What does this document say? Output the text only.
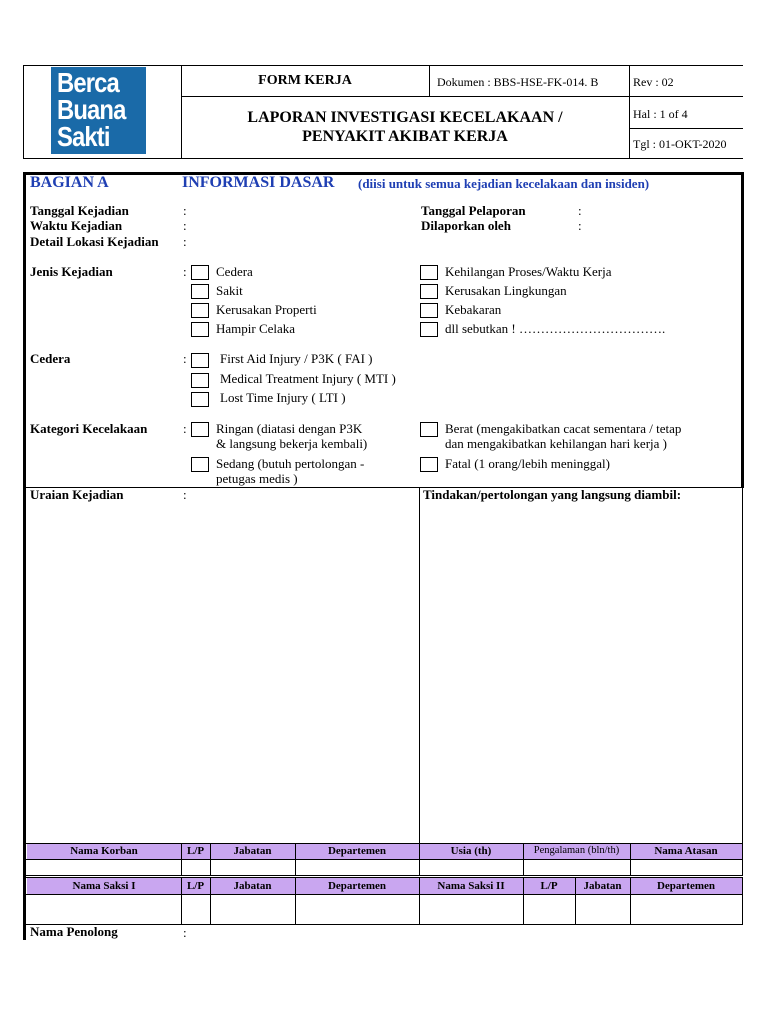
Berca
Buana
Sakti
FORM KERJA	Dokumen : BBS-HSE-FK-014. B	Rev : 02
LAPORAN INVESTIGASI KECELAKAAN /
PENYAKIT AKIBAT KERJA
Hal : 1 of 4
Tgl : 01-OKT-2020
BAGIAN A	INFORMASI DASAR (diisi untuk semua kejadian kecelakaan dan insiden)
Tanggal Kejadian	:
Waktu Kejadian	:
Detail Lokasi Kejadian :
Tanggal Pelaporan	:
Dilaporkan oleh	:
Jenis Kejadian	: Cedera
Sakit
Kerusakan Properti
Hampir Celaka
Kehilangan Proses/Waktu Kerja
Kerusakan Lingkungan
Kebakaran
dll sebutkan ! …………………………….
Cedera	:	First Aid Injury / P3K ( FAI )
Medical Treatment Injury ( MTI )
Lost Time Injury ( LTI )
Kategori Kecelakaan	: Ringan (diatasi dengan P3K
& langsung bekerja kembali)
Berat (mengakibatkan cacat sementara / tetap
dan mengakibatkan kehilangan hari kerja )
Sedang (butuh pertolongan -
petugas medis )
Fatal (1 orang/lebih meninggal)
Uraian Kejadian	:	Tindakan/pertolongan yang langsung diambil:
Nama Korban	L/P	Jabatan	Departemen	Usia (th)	Pengalaman (bln/th)	Nama Atasan
Nama Saksi I	L/P	Jabatan	Departemen	Nama Saksi II	L/P	Jabatan	Departemen
Nama Penolong	:
